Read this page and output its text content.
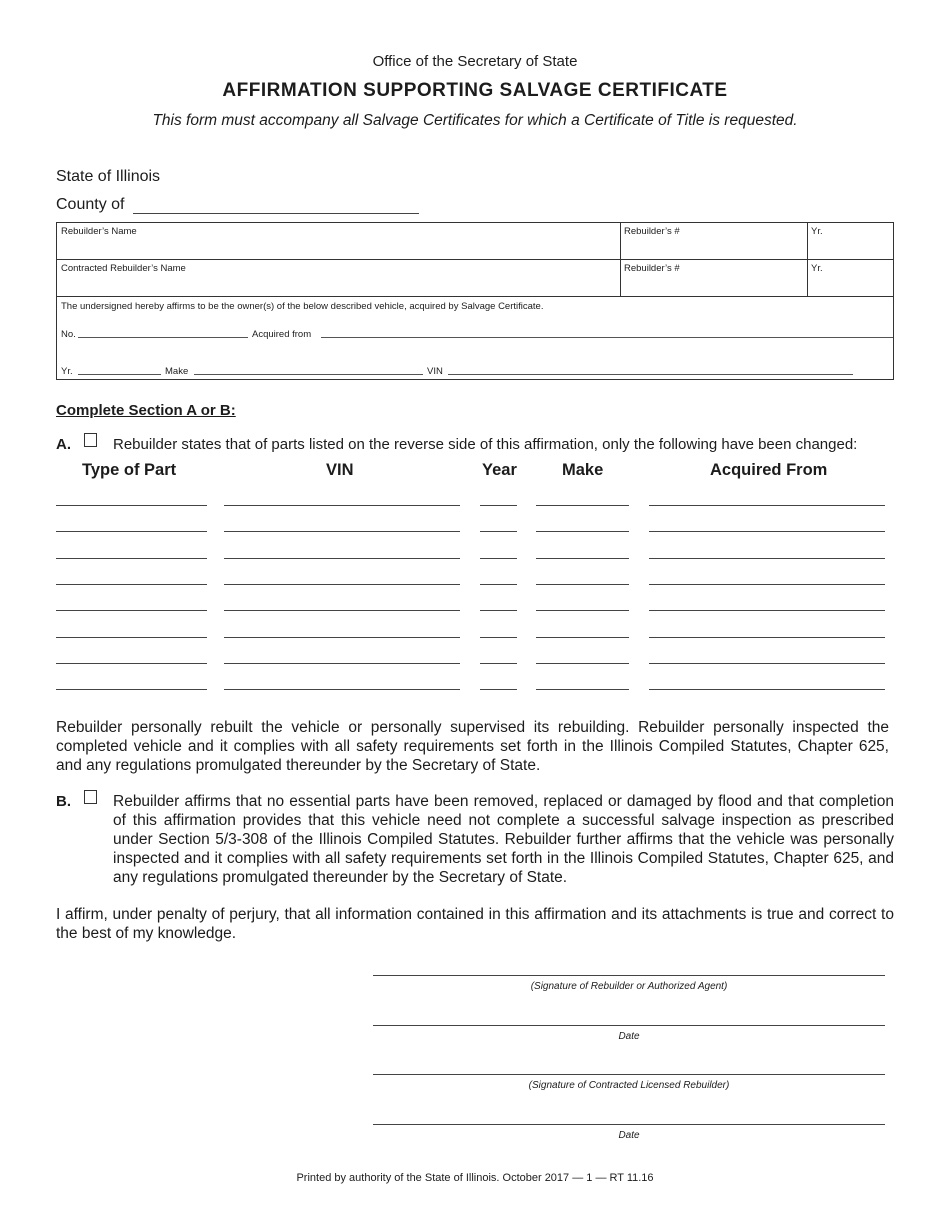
Office of the Secretary of State
AFFIRMATION SUPPORTING SALVAGE CERTIFICATE
This form must accompany all Salvage Certificates for which a Certificate of Title is requested.
State of Illinois
County of
Rebuilder’s Name	Rebuilder’s #	Yr.
Contracted Rebuilder’s Name	Rebuilder’s #	Yr.
The undersigned hereby affirms to be the owner(s) of the below described vehicle, acquired by Salvage Certificate.
No.	Acquired from
Yr.	Make	VIN
Complete Section A or B:
A.	Rebuilder states that of parts listed on the reverse side of this affirmation, only the following have been changed:
Type of Part	VIN	Year	Make	Acquired From
Rebuilder personally rebuilt the vehicle or personally supervised its rebuilding. Rebuilder personally inspected the completed vehicle and it complies with all safety requirements set forth in the Illinois Compiled Statutes, Chapter 625, and any regulations promulgated thereunder by the Secretary of State.
B.	Rebuilder affirms that no essential parts have been removed, replaced or damaged by flood and that completion of this affirmation provides that this vehicle need not complete a successful salvage inspection as prescribed under Section 5/3-308 of the Illinois Compiled Statutes. Rebuilder further affirms that the vehicle was personally inspected and it complies with all safety requirements set forth in the Illinois Compiled Statutes, Chapter 625, and any regulations promulgated thereunder by the Secretary of State.
I affirm, under penalty of perjury, that all information contained in this affirmation and its attachments is true and correct to the best of my knowledge.
(Signature of Rebuilder or Authorized Agent)
Date
(Signature of Contracted Licensed Rebuilder)
Date
Printed by authority of the State of Illinois. October 2017 — 1 — RT 11.16
